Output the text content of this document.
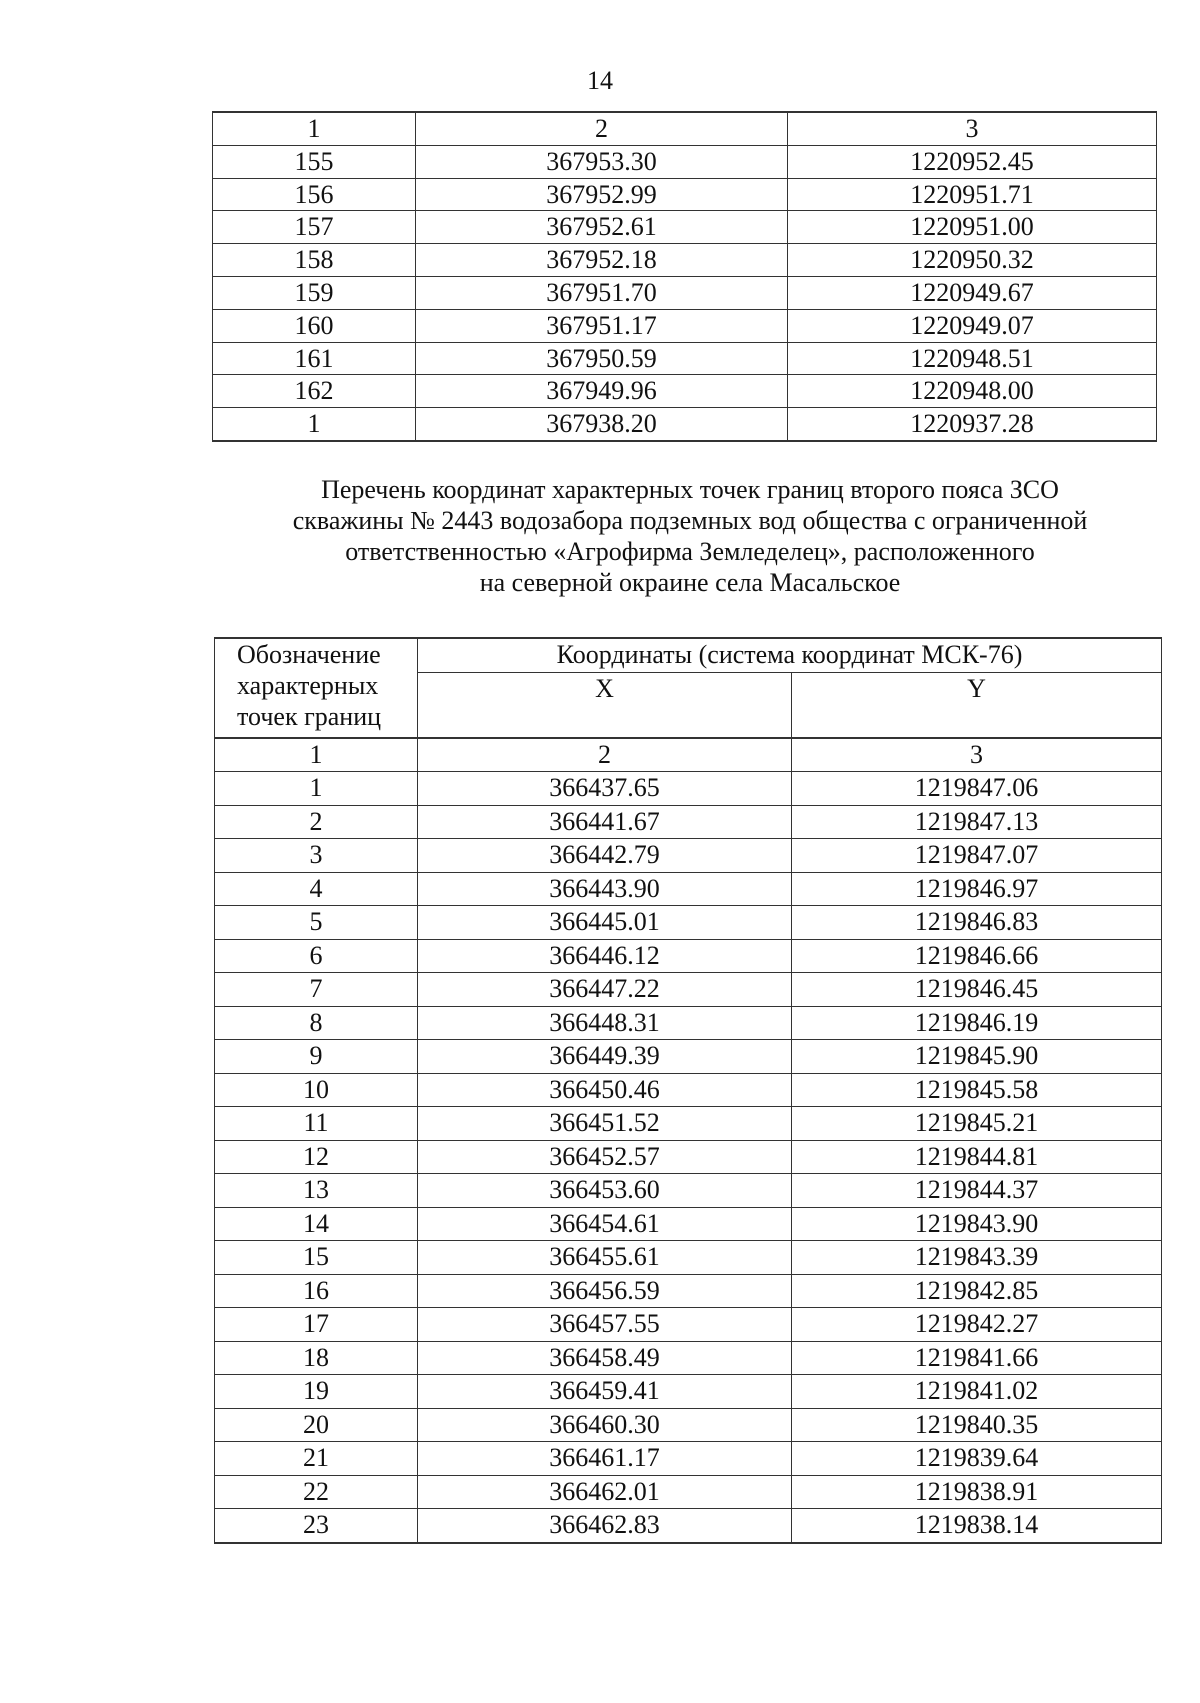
14
1	2	3
155	367953.30	1220952.45
156	367952.99	1220951.71
157	367952.61	1220951.00
158	367952.18	1220950.32
159	367951.70	1220949.67
160	367951.17	1220949.07
161	367950.59	1220948.51
162	367949.96	1220948.00
1	367938.20	1220937.28
Перечень координат характерных точек границ второго пояса ЗСО
скважины № 2443 водозабора подземных вод общества с ограниченной
ответственностью «Агрофирма Земледелец», расположенного
на северной окраине села Масальское
Обозначение характерных точек границ	Координаты (система координат МСК-76)	
	X	Y
1	2	3
1	366437.65	1219847.06
2	366441.67	1219847.13
3	366442.79	1219847.07
4	366443.90	1219846.97
5	366445.01	1219846.83
6	366446.12	1219846.66
7	366447.22	1219846.45
8	366448.31	1219846.19
9	366449.39	1219845.90
10	366450.46	1219845.58
11	366451.52	1219845.21
12	366452.57	1219844.81
13	366453.60	1219844.37
14	366454.61	1219843.90
15	366455.61	1219843.39
16	366456.59	1219842.85
17	366457.55	1219842.27
18	366458.49	1219841.66
19	366459.41	1219841.02
20	366460.30	1219840.35
21	366461.17	1219839.64
22	366462.01	1219838.91
23	366462.83	1219838.14
